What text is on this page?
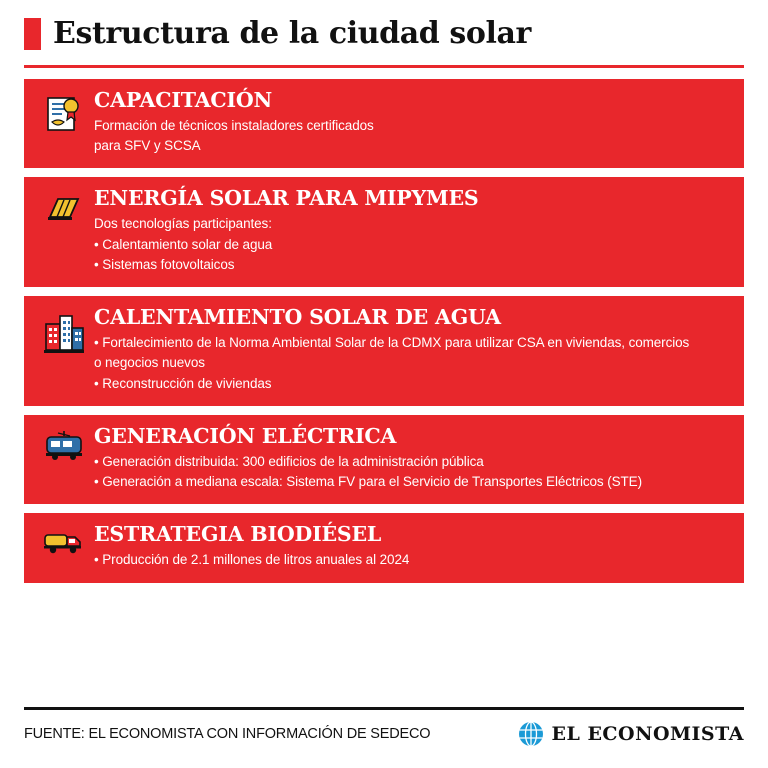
Estructura de la ciudad solar
CAPACITACIÓN
Formación de técnicos instaladores certificados
para SFV y SCSA
ENERGÍA SOLAR PARA MIPYMES
Dos tecnologías participantes:
• Calentamiento solar de agua
• Sistemas fotovoltaicos
CALENTAMIENTO SOLAR DE AGUA
• Fortalecimiento de la Norma Ambiental Solar de la CDMX para utilizar CSA en viviendas, comercios
o negocios nuevos
• Reconstrucción de viviendas
GENERACIÓN ELÉCTRICA
• Generación distribuida: 300 edificios de la administración pública
• Generación a mediana escala: Sistema FV para el Servicio de Transportes Eléctricos (STE)
ESTRATEGIA BIODIÉSEL
• Producción de 2.1 millones de litros anuales al 2024
FUENTE: EL ECONOMISTA CON INFORMACIÓN DE SEDECO	EL ECONOMISTA
